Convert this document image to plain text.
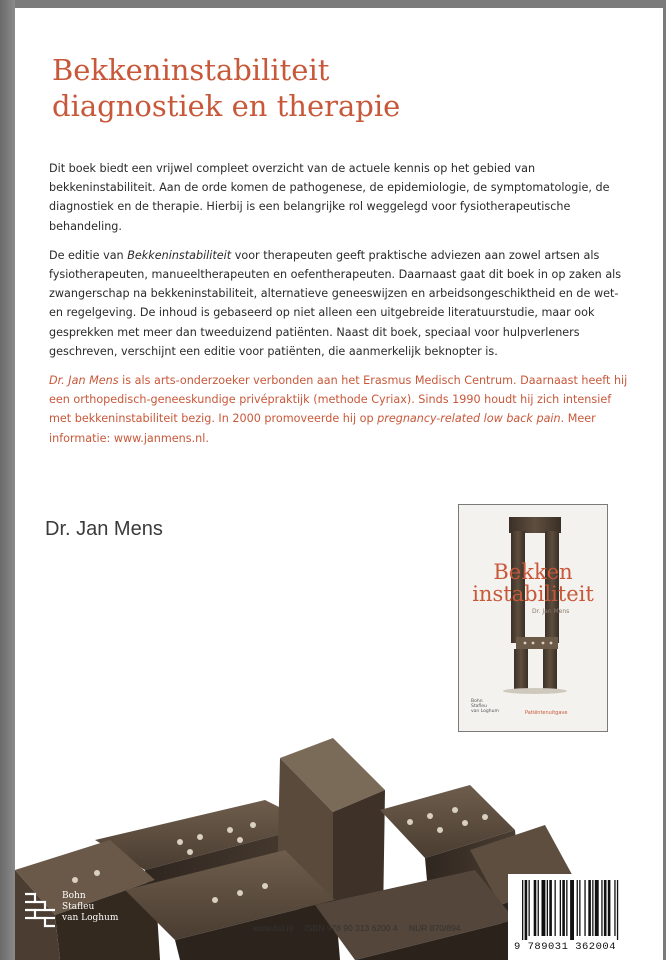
Bekkeninstabiliteit
diagnostiek en therapie

Dit boek biedt een vrijwel compleet overzicht van de actuele kennis op het gebied van bekkeninstabiliteit. Aan de orde komen de pathogenese, de epidemiologie, de symptomatologie, de diagnostiek en de therapie. Hierbij is een belangrijke rol weggelegd voor fysiotherapeutische behandeling.

De editie van Bekkeninstabiliteit voor therapeuten geeft praktische adviezen aan zowel artsen als fysiotherapeuten, manueeltherapeuten en oefentherapeuten. Daarnaast gaat dit boek in op zaken als zwangerschap na bekkeninstabiliteit, alternatieve geneeswijzen en arbeidsongeschiktheid en de wet- en regelgeving. De inhoud is gebaseerd op niet alleen een uitgebreide literatuurstudie, maar ook gesprekken met meer dan tweeduizend patiënten. Naast dit boek, speciaal voor hulpverleners geschreven, verschijnt een editie voor patiënten, die aanmerkelijk beknopter is.

Dr. Jan Mens is als arts-onderzoeker verbonden aan het Erasmus Medisch Centrum. Daarnaast heeft hij een orthopedisch-geneeskundige privépraktijk (methode Cyriax). Sinds 1990 houdt hij zich intensief met bekkeninstabiliteit bezig. In 2000 promoveerde hij op pregnancy-related low back pain. Meer informatie: www.janmens.nl.

Dr. Jan Mens
Bekken
instabiliteit
Dr. Jan Mens
Bohn
Stafleu
van Loghum	Patiëntenuitgave
Bohn
Stafleu
van Loghum
www.bsl.nl ISBN 978 90 313 6200 4 NUR 870/894
9 789031 362004
